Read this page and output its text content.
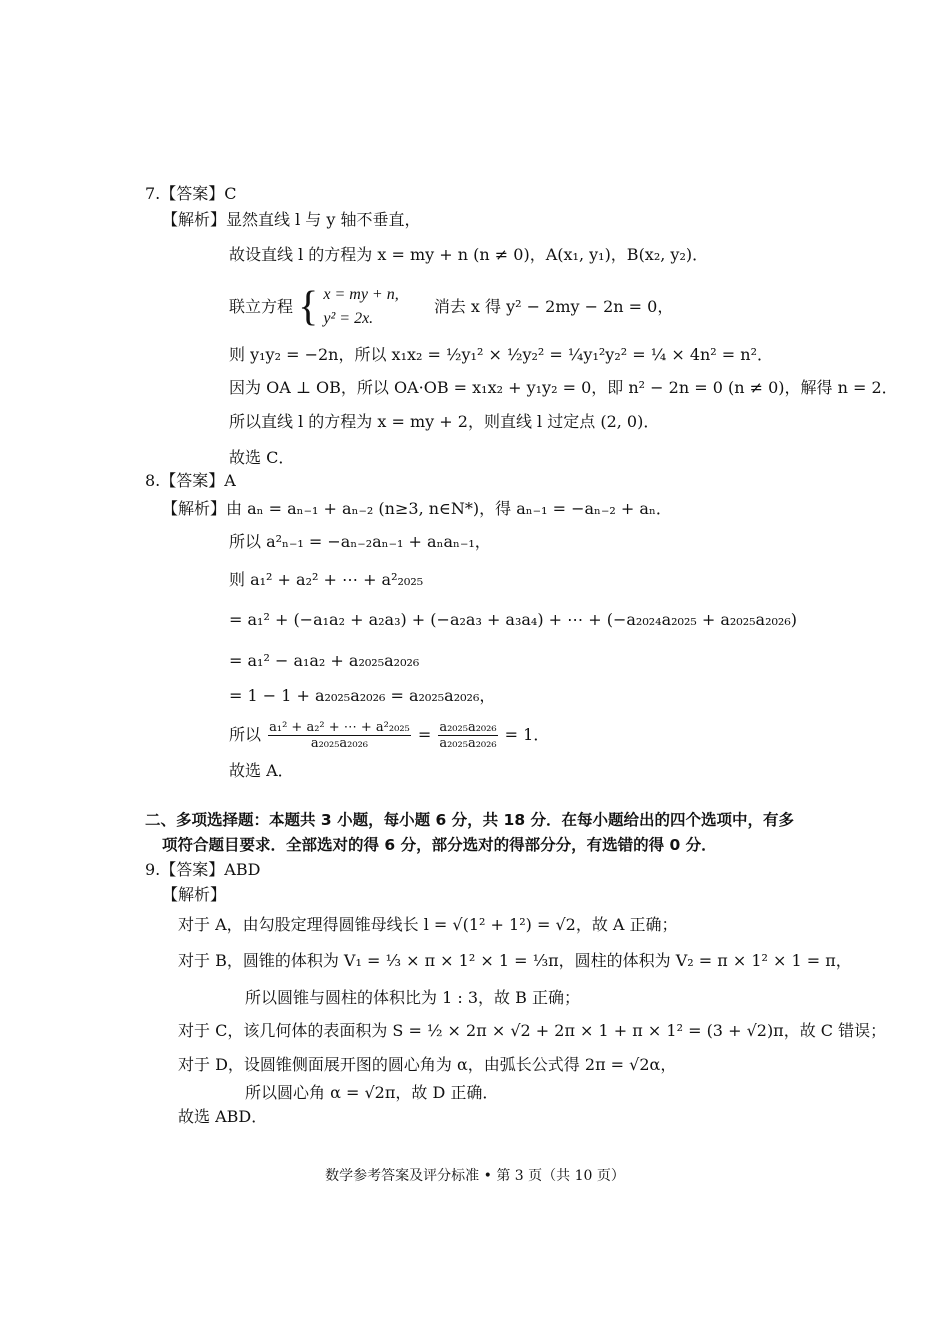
7.【答案】C
【解析】显然直线 l 与 y 轴不垂直，
故设直线 l 的方程为 x = my + n (n ≠ 0)，A(x₁, y₁)，B(x₂, y₂)．
联立方程 { x = my + n,
y² = 2x.
消去 x 得 y² − 2my − 2n = 0，
则 y₁y₂ = −2n，所以 x₁x₂ = ½y₁² × ½y₂² = ¼y₁²y₂² = ¼ × 4n² = n²．
因为 OA ⊥ OB，所以 OA·OB = x₁x₂ + y₁y₂ = 0，即 n² − 2n = 0 (n ≠ 0)，解得 n = 2．
所以直线 l 的方程为 x = my + 2，则直线 l 过定点 (2, 0)．
故选 C．
8.【答案】A
【解析】由 aₙ = aₙ₋₁ + aₙ₋₂ (n≥3, n∈N*)，得 aₙ₋₁ = −aₙ₋₂ + aₙ．
所以 a²ₙ₋₁ = −aₙ₋₂aₙ₋₁ + aₙaₙ₋₁，
则 a₁² + a₂² + ⋯ + a²₂₀₂₅
= a₁² + (−a₁a₂ + a₂a₃) + (−a₂a₃ + a₃a₄) + ⋯ + (−a₂₀₂₄a₂₀₂₅ + a₂₀₂₅a₂₀₂₆)
= a₁² − a₁a₂ + a₂₀₂₅a₂₀₂₆
= 1 − 1 + a₂₀₂₅a₂₀₂₆ = a₂₀₂₅a₂₀₂₆，
所以 $\frac{\text{a₁² + a₂² + ⋯ + a²₂₀₂₅}}{\text{a₂₀₂₅a₂₀₂₆}} = \frac{\text{a₂₀₂₅a₂₀₂₆}}{\text{a₂₀₂₅a₂₀₂₆}} = 1$．
故选 A．
二、多项选择题：本题共 3 小题，每小题 6 分，共 18 分．在每小题给出的四个选项中，有多
项符合题目要求．全部选对的得 6 分，部分选对的得部分分，有选错的得 0 分．
9.【答案】ABD
【解析】
对于 A，由勾股定理得圆锥母线长 l = √(1² + 1²) = √2，故 A 正确；
对于 B，圆锥的体积为 V₁ = ⅓ × π × 1² × 1 = ⅓π，圆柱的体积为 V₂ = π × 1² × 1 = π，
所以圆锥与圆柱的体积比为 1 : 3，故 B 正确；
对于 C，该几何体的表面积为 S = ½ × 2π × √2 + 2π × 1 + π × 1² = (3 + √2)π，故 C 错误；
对于 D，设圆锥侧面展开图的圆心角为 α，由弧长公式得 2π = √2α，
所以圆心角 α = √2π，故 D 正确．
故选 ABD．
数学参考答案及评分标准 • 第 3 页（共 10 页）
